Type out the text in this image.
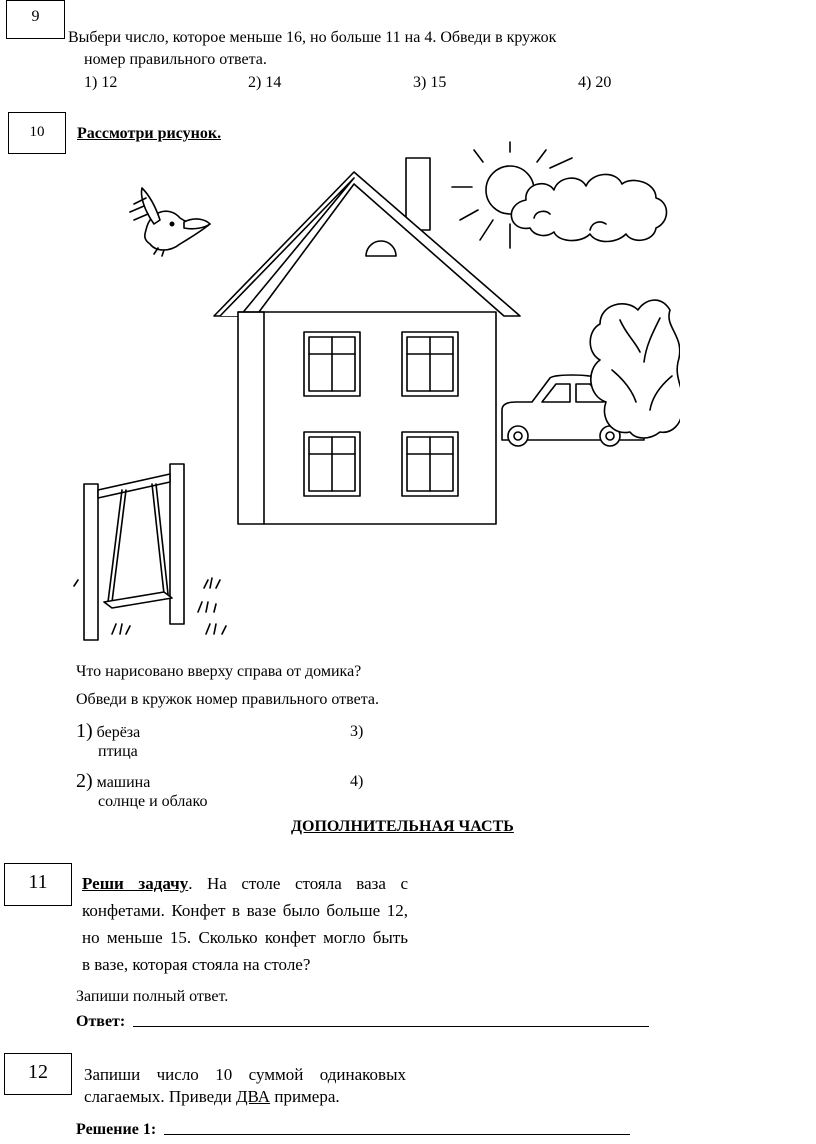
9
Выбери число, которое меньше 16, но больше 11 на 4. Обведи в кружок
номер правильного ответа.
1) 12	2) 14	3) 15	4) 20
10	Рассмотри рисунок.
Что нарисовано вверху справа от домика?
Обведи в кружок номер правильного ответа.
1) берёза	3)
птица
2) машина	4)
солнце и облако
ДОПОЛНИТЕЛЬНАЯ ЧАСТЬ
11	Реши задачу. На столе стояла ваза с
конфетами. Конфет в вазе было больше 12,
но меньше 15. Сколько конфет могло быть
в вазе, которая стояла на столе?
Запиши полный ответ.
Ответ:
12	Запиши число 10 суммой одинаковых
слагаемых. Приведи ДВА примера.
Решение 1:
